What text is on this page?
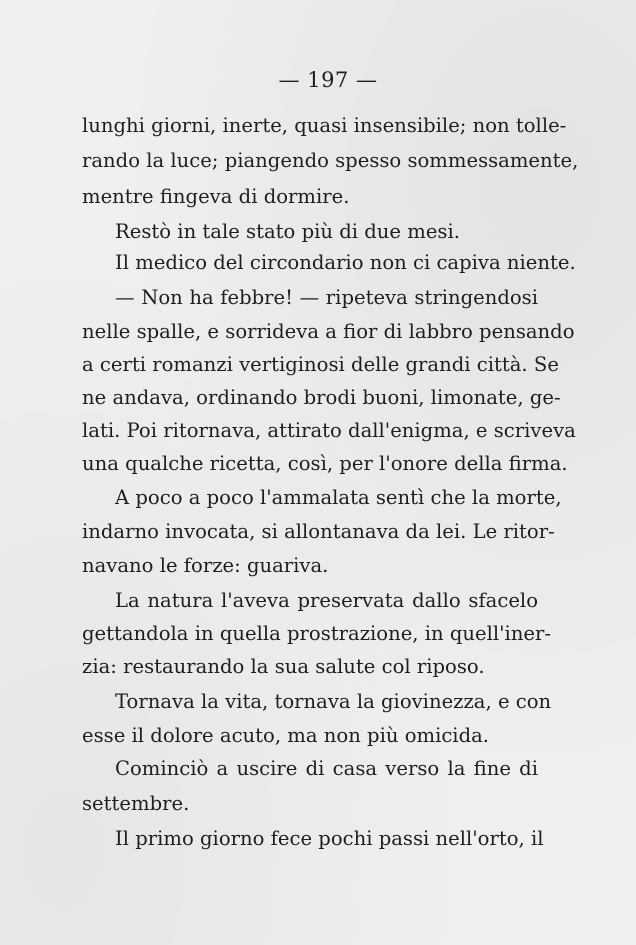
— 197 —
lunghi giorni, inerte, quasi insensibile; non tolle-
rando la luce; piangendo spesso sommessamente,
mentre fingeva di dormire.
Restò in tale stato più di due mesi.
Il medico del circondario non ci capiva niente.
— Non ha febbre! — ripeteva stringendosi
nelle spalle, e sorrideva a fior di labbro pensando
a certi romanzi vertiginosi delle grandi città. Se
ne andava, ordinando brodi buoni, limonate, ge-
lati. Poi ritornava, attirato dall'enigma, e scriveva
una qualche ricetta, così, per l'onore della firma.
A poco a poco l'ammalata sentì che la morte,
indarno invocata, si allontanava da lei. Le ritor-
navano le forze: guariva.
La natura l'aveva preservata dallo sfacelo
gettandola in quella prostrazione, in quell'iner-
zia: restaurando la sua salute col riposo.
Tornava la vita, tornava la giovinezza, e con
esse il dolore acuto, ma non più omicida.
Cominciò a uscire di casa verso la fine di
settembre.
Il primo giorno fece pochi passi nell'orto, il
